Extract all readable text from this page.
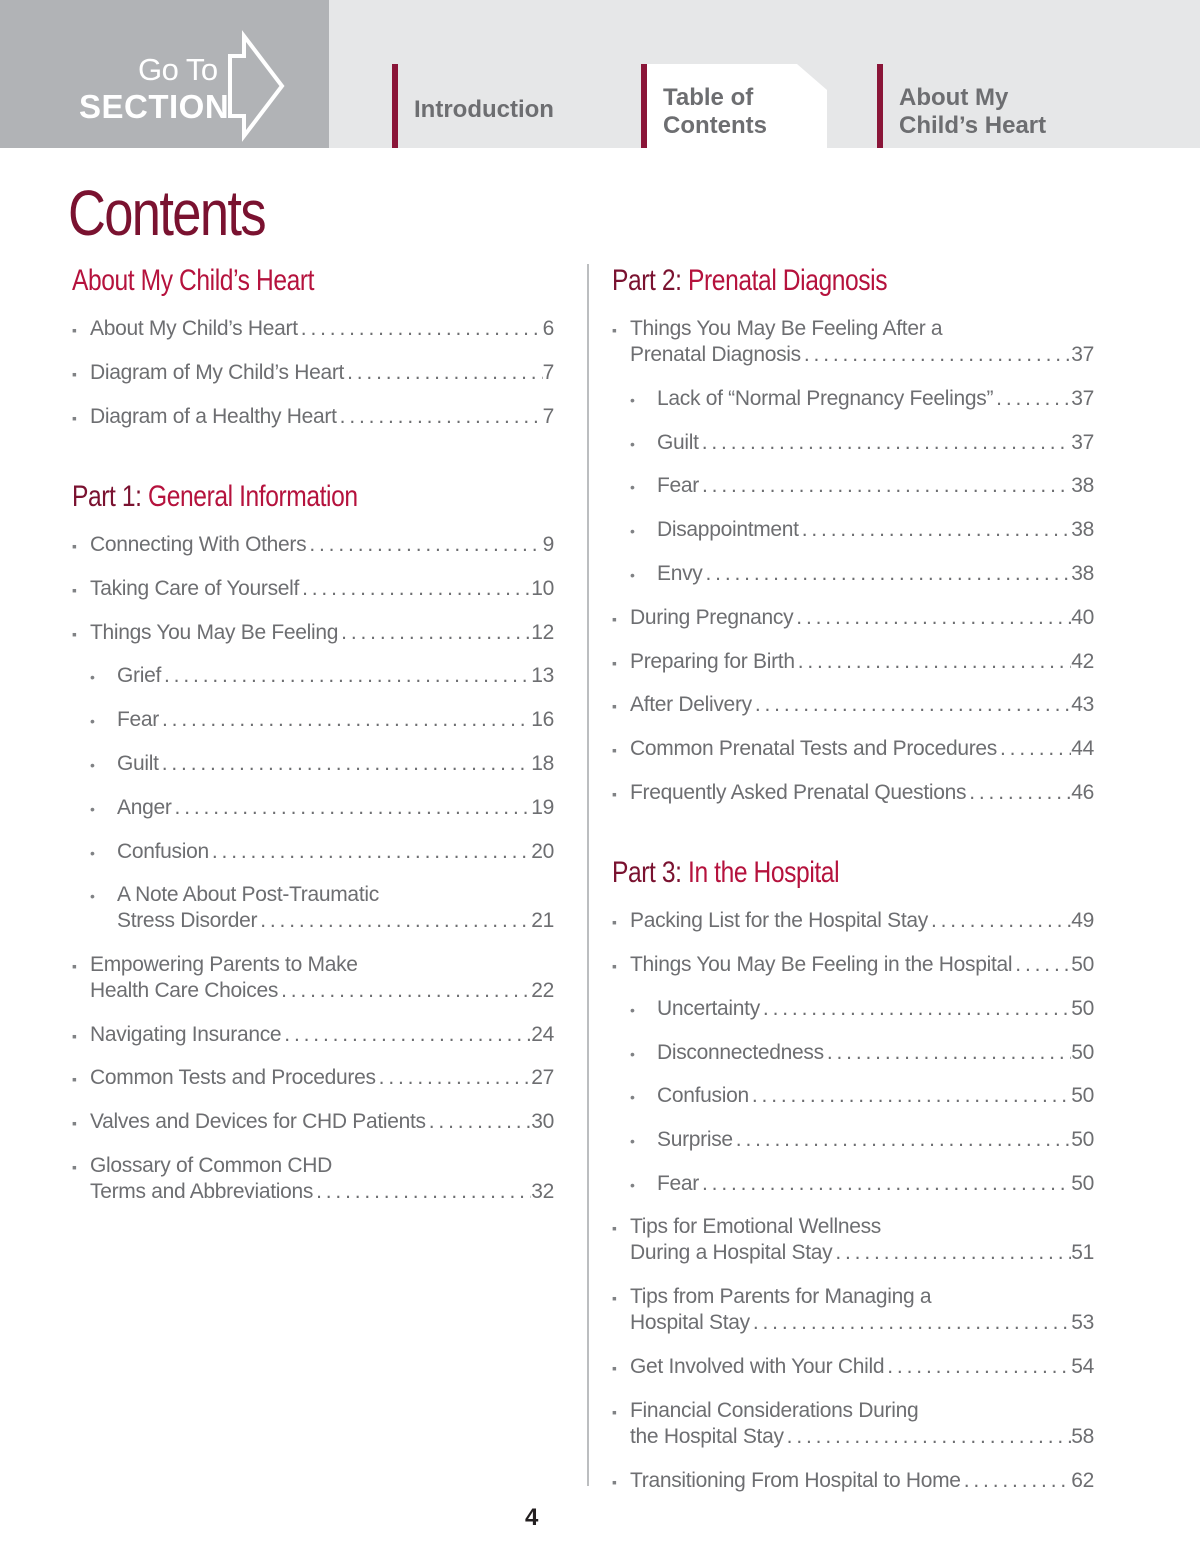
Go To
SECTION	Introduction	Table of
Contents
About My
Child’s Heart
Contents
About My Child’s Heart
▪ About My Child’s Heart . . .	6
▪ Diagram of My Child’s Heart . . .	7
▪ Diagram of a Healthy Heart . . .	7
Part 1: General Information
▪ Connecting With Others . . .	9
▪ Taking Care of Yourself . . .	10
▪ Things You May Be Feeling . . .	12
• Grief . . .	13
• Fear . . .	16
• Guilt . . .	18
• Anger . . .	19
• Confusion . . .	20
• A Note About Post-Traumatic
Stress Disorder . . .	21
▪ Empowering Parents to Make
Health Care Choices . . .	22
▪ Navigating Insurance . . .	24
▪ Common Tests and Procedures . . .	27
▪ Valves and Devices for CHD Patients . . .	30
▪ Glossary of Common CHD
Terms and Abbreviations . . .	32
Part 2: Prenatal Diagnosis
▪ Things You May Be Feeling After a
Prenatal Diagnosis . . .	37
• Lack of “Normal Pregnancy Feelings” . . .	37
• Guilt . . .	37
• Fear . . .	38
• Disappointment . . .	38
• Envy . . .	38
▪ During Pregnancy . . .	40
▪ Preparing for Birth . . .	42
▪ After Delivery . . .	43
▪ Common Prenatal Tests and Procedures . . .	44
▪ Frequently Asked Prenatal Questions . . .	46
Part 3: In the Hospital
▪ Packing List for the Hospital Stay . . .	49
▪ Things You May Be Feeling in the Hospital . . .	50
• Uncertainty . . .	50
• Disconnectedness . . .	50
• Confusion . . .	50
• Surprise . . .	50
• Fear . . .	50
▪ Tips for Emotional Wellness
During a Hospital Stay . . .	51
▪ Tips from Parents for Managing a
Hospital Stay . . .	53
▪ Get Involved with Your Child . . .	54
▪ Financial Considerations During
the Hospital Stay . . .	58
▪ Transitioning From Hospital to Home . . .	62
4
